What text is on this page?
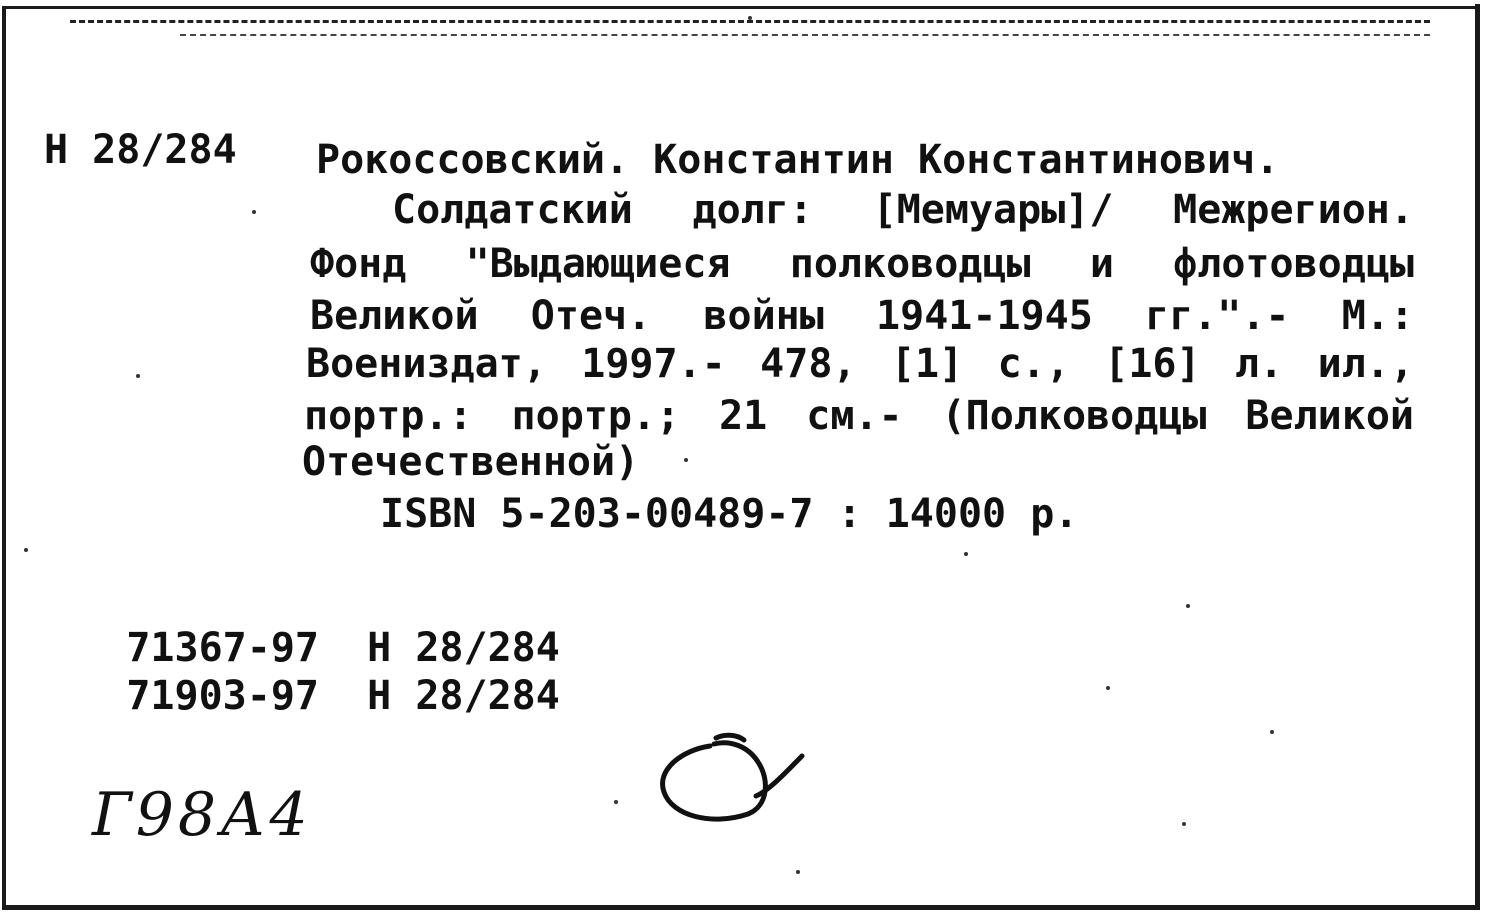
Н 28/284 Рокоссовский. Константин Константинович.
Солдатский долг: [Мемуары]/ Межрегион.
Фонд "Выдающиеся полководцы и флотоводцы
Великой Отеч. войны 1941-1945 гг.".- М.:
Воениздат, 1997.- 478, [1] с., [16] л. ил.,
портр.: портр.; 21 см.- (Полководцы Великой
Отечественной)
ISBN 5-203-00489-7 : 14000 р.

71367-97 Н 28/284

71903-97 Н 28/284

Г98А4
